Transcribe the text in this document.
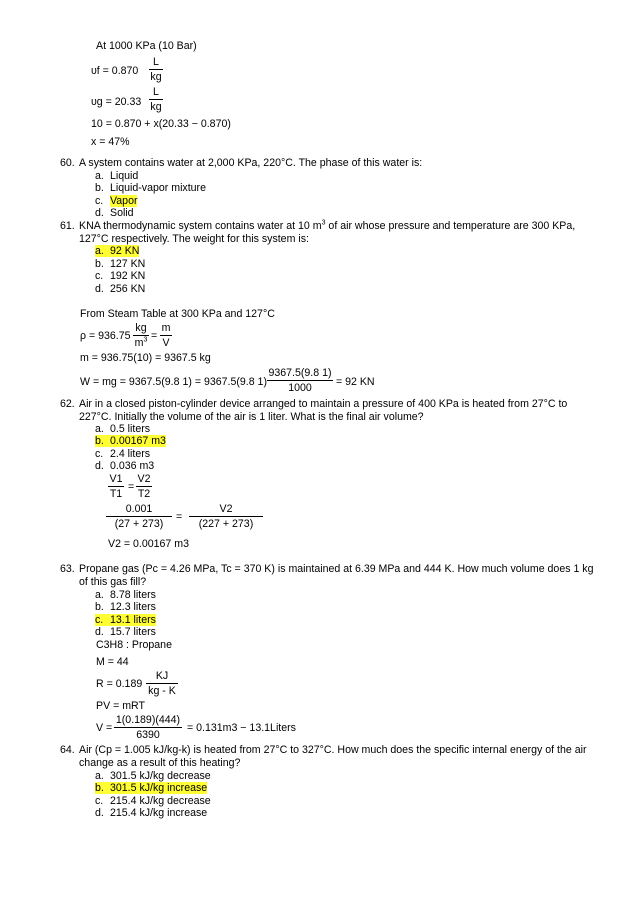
At 1000 KPa (10 Bar)
υf = 0.870
L
kg
υg = 20.33
L
kg
10 = 0.870 + x(20.33 − 0.870)
x = 47%
60. A system contains water at 2,000 KPa, 220°C. The phase of this water is:
a. Liquid
b. Liquid-vapor mixture
c. Vapor
d. Solid
61. KNA thermodynamic system contains water at 10 $m^3$ of air whose pressure and temperature are 300 KPa, 127°C respectively. The weight for this system is:
a. 92 KN
b. 127 KN
c. 192 KN
d. 256 KN
From Steam Table at 300 KPa and 127°C
ρ = 936.75
kg
$m^3$ =
m
V
m = 936.75(10) = 9367.5 kg
W = mg = 9367.5(9.8 1) = 9367.5(9.8 1)
9367.5(9.8 1)
1000 = 92 KN
62. Air in a closed piston-cylinder device arranged to maintain a pressure of 400 KPa is heated from 27°C to 227°C. Initially the volume of the air is 1 liter. What is the final air volume?
a. 0.5 liters
b. 0.00167 m3
c. 2.4 liters
d. 0.036 m3
V1
T1
=
V2
T2
0.001
(27 + 273)
=
V2
(227 + 273)
V2 = 0.00167 m3
63. Propane gas (Pc = 4.26 MPa, Tc = 370 K) is maintained at 6.39 MPa and 444 K. How much volume does 1 kg of this gas fill?
a. 8.78 liters
b. 12.3 liters
c. 13.1 liters
d. 15.7 liters
C3H8 : Propane
M = 44
R = 0.189
KJ
kg - K
PV = mRT
V =
1(0.189)(444)
6390
= 0.131m3 − 13.1Liters
64. Air (Cp = 1.005 kJ/kg-k) is heated from 27°C to 327°C. How much does the specific internal energy of the air change as a result of this heating?
a. 301.5 kJ/kg decrease
b. 301.5 kJ/kg increase
c. 215.4 kJ/kg decrease
d. 215.4 kJ/kg increase
